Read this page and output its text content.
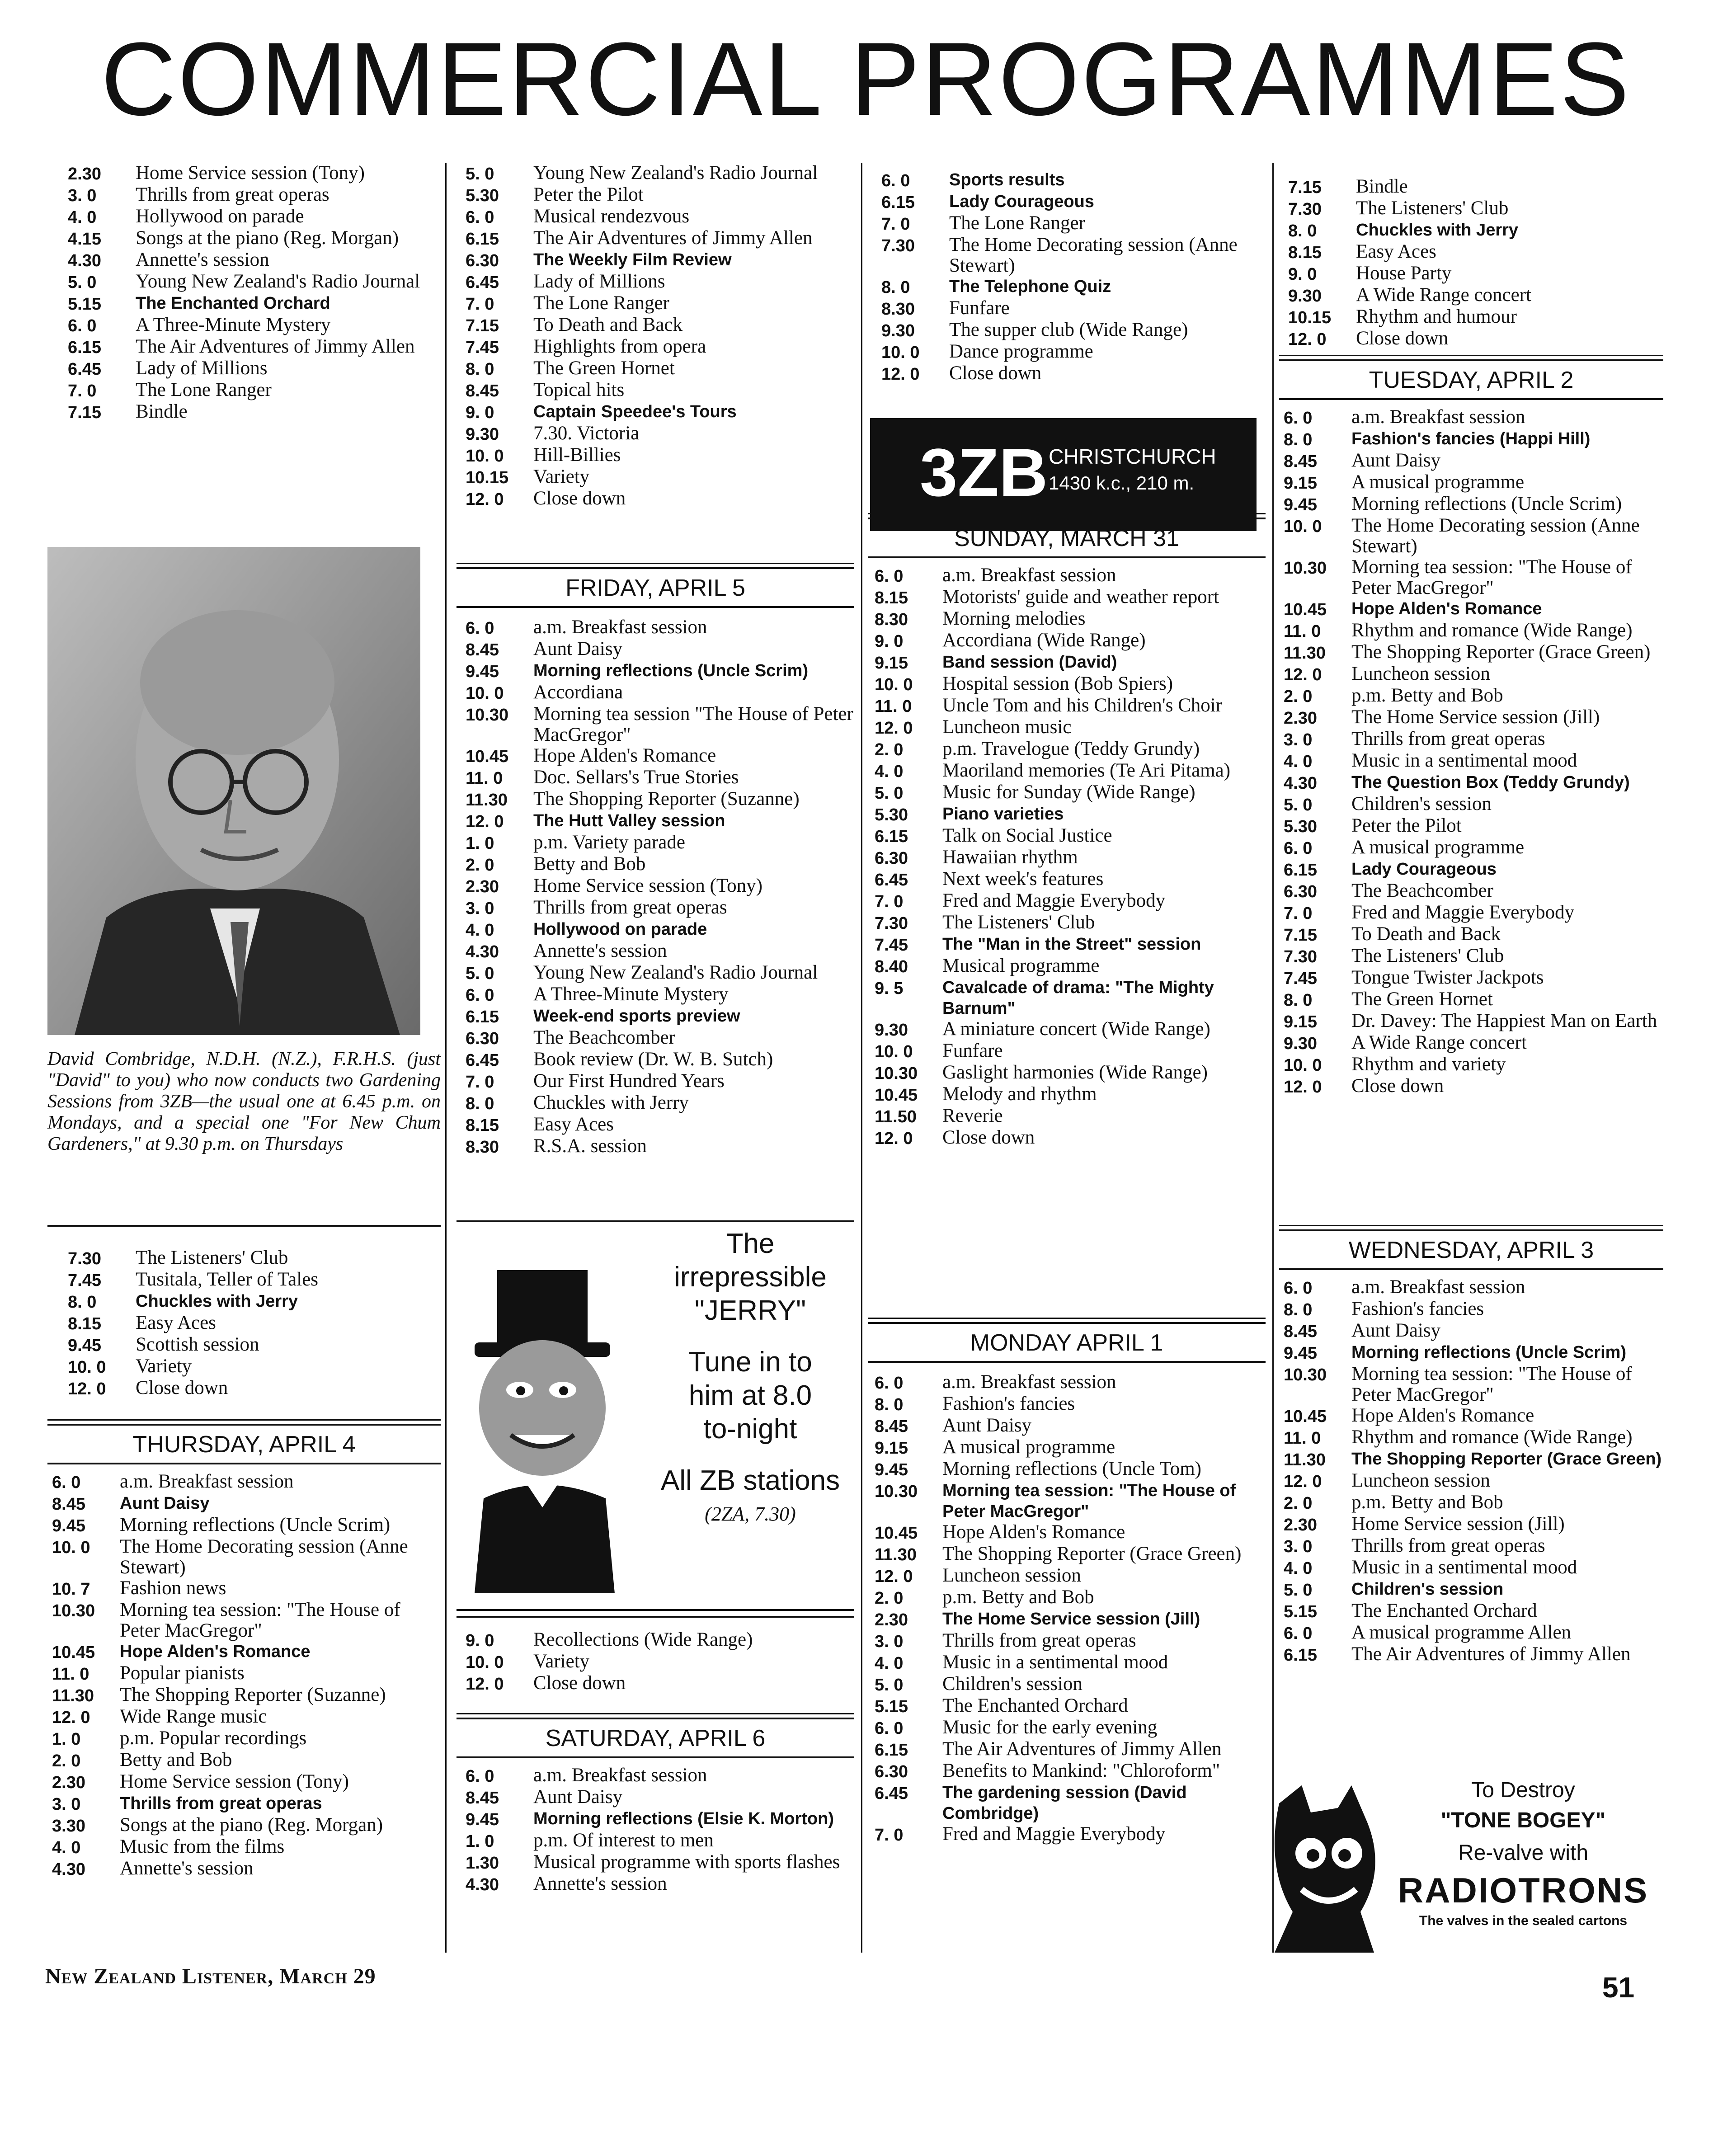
COMMERCIAL PROGRAMMES
2.30	Home Service session (Tony)
3. 0	Thrills from great operas
4. 0	Hollywood on parade
4.15	Songs at the piano (Reg. Morgan)
4.30	Annette's session
5. 0	Young New Zealand's Radio Journal
5.15	The Enchanted Orchard
6. 0	A Three-Minute Mystery
6.15	The Air Adventures of Jimmy Allen
6.45	Lady of Millions
7. 0	The Lone Ranger
7.15	Bindle
David Combridge, N.D.H. (N.Z.), F.R.H.S. (just "David" to you) who now conducts two Gardening Sessions from 3ZB—the usual one at 6.45 p.m. on Mondays, and a special one "For New Chum Gardeners," at 9.30 p.m. on Thursdays
7.30	The Listeners' Club
7.45	Tusitala, Teller of Tales
8. 0	Chuckles with Jerry
8.15	Easy Aces
9.45	Scottish session
10. 0	Variety
12. 0	Close down
THURSDAY, APRIL 4
6. 0	a.m. Breakfast session
8.45	Aunt Daisy
9.45	Morning reflections (Uncle Scrim)
10. 0	The Home Decorating session (Anne Stewart)
10. 7	Fashion news
10.30	Morning tea session: "The House of Peter MacGregor"
10.45	Hope Alden's Romance
11. 0	Popular pianists
11.30	The Shopping Reporter (Suzanne)
12. 0	Wide Range music
1. 0	p.m. Popular recordings
2. 0	Betty and Bob
2.30	Home Service session (Tony)
3. 0	Thrills from great operas
3.30	Songs at the piano (Reg. Morgan)
4. 0	Music from the films
4.30	Annette's session
5. 0	Young New Zealand's Radio Journal
5.30	Peter the Pilot
6. 0	Musical rendezvous
6.15	The Air Adventures of Jimmy Allen
6.30	The Weekly Film Review
6.45	Lady of Millions
7. 0	The Lone Ranger
7.15	To Death and Back
7.45	Highlights from opera
8. 0	The Green Hornet
8.45	Topical hits
9. 0	Captain Speedee's Tours
9.30	7.30. Victoria
10. 0	Hill-Billies
10.15	Variety
12. 0	Close down
FRIDAY, APRIL 5
6. 0	a.m. Breakfast session
8.45	Aunt Daisy
9.45	Morning reflections (Uncle Scrim)
10. 0	Accordiana
10.30	Morning tea session "The House of Peter MacGregor"
10.45	Hope Alden's Romance
11. 0	Doc. Sellars's True Stories
11.30	The Shopping Reporter (Suzanne)
12. 0	The Hutt Valley session
1. 0	p.m. Variety parade
2. 0	Betty and Bob
2.30	Home Service session (Tony)
3. 0	Thrills from great operas
4. 0	Hollywood on parade
4.30	Annette's session
5. 0	Young New Zealand's Radio Journal
6. 0	A Three-Minute Mystery
6.15	Week-end sports preview
6.30	The Beachcomber
6.45	Book review (Dr. W. B. Sutch)
7. 0	Our First Hundred Years
8. 0	Chuckles with Jerry
8.15	Easy Aces
8.30	R.S.A. session
The
irrepressible
"JERRY"
Tune in to
him at 8.0
to-night
All ZB stations
(2ZA, 7.30)
9. 0	Recollections (Wide Range)
10. 0	Variety
12. 0	Close down
SATURDAY, APRIL 6
6. 0	a.m. Breakfast session
8.45	Aunt Daisy
9.45	Morning reflections (Elsie K. Morton)
1. 0	p.m. Of interest to men
1.30	Musical programme with sports flashes
4.30	Annette's session
6. 0	Sports results
6.15	Lady Courageous
7. 0	The Lone Ranger
7.30	The Home Decorating session (Anne Stewart)
8. 0	The Telephone Quiz
8.30	Funfare
9.30	The supper club (Wide Range)
10. 0	Dance programme
12. 0	Close down
3ZB CHRISTCHURCH
1430 k.c., 210 m.
SUNDAY, MARCH 31
6. 0	a.m. Breakfast session
8.15	Motorists' guide and weather report
8.30	Morning melodies
9. 0	Accordiana (Wide Range)
9.15	Band session (David)
10. 0	Hospital session (Bob Spiers)
11. 0	Uncle Tom and his Children's Choir
12. 0	Luncheon music
2. 0	p.m. Travelogue (Teddy Grundy)
4. 0	Maoriland memories (Te Ari Pitama)
5. 0	Music for Sunday (Wide Range)
5.30	Piano varieties
6.15	Talk on Social Justice
6.30	Hawaiian rhythm
6.45	Next week's features
7. 0	Fred and Maggie Everybody
7.30	The Listeners' Club
7.45	The "Man in the Street" session
8.40	Musical programme
9. 5	Cavalcade of drama: "The Mighty Barnum"
9.30	A miniature concert (Wide Range)
10. 0	Funfare
10.30	Gaslight harmonies (Wide Range)
10.45	Melody and rhythm
11.50	Reverie
12. 0	Close down
MONDAY APRIL 1
6. 0	a.m. Breakfast session
8. 0	Fashion's fancies
8.45	Aunt Daisy
9.15	A musical programme
9.45	Morning reflections (Uncle Tom)
10.30	Morning tea session: "The House of Peter MacGregor"
10.45	Hope Alden's Romance
11.30	The Shopping Reporter (Grace Green)
12. 0	Luncheon session
2. 0	p.m. Betty and Bob
2.30	The Home Service session (Jill)
3. 0	Thrills from great operas
4. 0	Music in a sentimental mood
5. 0	Children's session
5.15	The Enchanted Orchard
6. 0	Music for the early evening
6.15	The Air Adventures of Jimmy Allen
6.30	Benefits to Mankind: "Chloroform"
6.45	The gardening session (David Combridge)
7. 0	Fred and Maggie Everybody
7.15	Bindle
7.30	The Listeners' Club
8. 0	Chuckles with Jerry
8.15	Easy Aces
9. 0	House Party
9.30	A Wide Range concert
10.15	Rhythm and humour
12. 0	Close down
TUESDAY, APRIL 2
6. 0	a.m. Breakfast session
8. 0	Fashion's fancies (Happi Hill)
8.45	Aunt Daisy
9.15	A musical programme
9.45	Morning reflections (Uncle Scrim)
10. 0	The Home Decorating session (Anne Stewart)
10.30	Morning tea session: "The House of Peter MacGregor"
10.45	Hope Alden's Romance
11. 0	Rhythm and romance (Wide Range)
11.30	The Shopping Reporter (Grace Green)
12. 0	Luncheon session
2. 0	p.m. Betty and Bob
2.30	The Home Service session (Jill)
3. 0	Thrills from great operas
4. 0	Music in a sentimental mood
4.30	The Question Box (Teddy Grundy)
5. 0	Children's session
5.30	Peter the Pilot
6. 0	A musical programme
6.15	Lady Courageous
6.30	The Beachcomber
7. 0	Fred and Maggie Everybody
7.15	To Death and Back
7.30	The Listeners' Club
7.45	Tongue Twister Jackpots
8. 0	The Green Hornet
9.15	Dr. Davey: The Happiest Man on Earth
9.30	A Wide Range concert
10. 0	Rhythm and variety
12. 0	Close down
WEDNESDAY, APRIL 3
6. 0	a.m. Breakfast session
8. 0	Fashion's fancies
8.45	Aunt Daisy
9.45	Morning reflections (Uncle Scrim)
10.30	Morning tea session: "The House of Peter MacGregor"
10.45	Hope Alden's Romance
11. 0	Rhythm and romance (Wide Range)
11.30	The Shopping Reporter (Grace Green)
12. 0	Luncheon session
2. 0	p.m. Betty and Bob
2.30	Home Service session (Jill)
3. 0	Thrills from great operas
4. 0	Music in a sentimental mood
5. 0	Children's session
5.15	The Enchanted Orchard
6. 0	A musical programme Allen
6.15	The Air Adventures of Jimmy Allen
To Destroy
"TONE BOGEY"
Re-valve with
RADIOTRONS
The valves in the sealed cartons
New Zealand Listener, March 29	51
